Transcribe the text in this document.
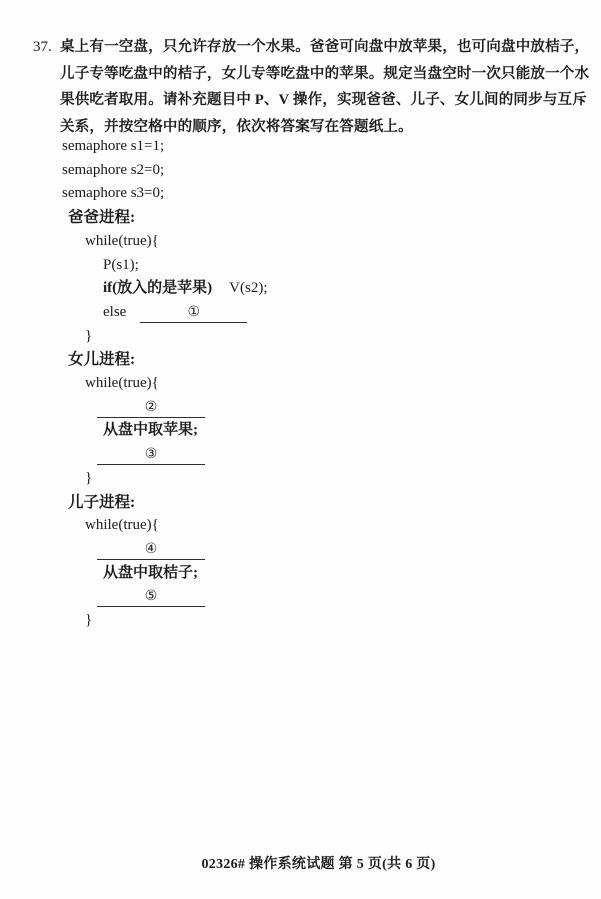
37. 桌上有一空盘，只允许存放一个水果。爸爸可向盘中放苹果，也可向盘中放桔子，
儿子专等吃盘中的桔子，女儿专等吃盘中的苹果。规定当盘空时一次只能放一个水
果供吃者取用。请补充题目中 P、V 操作，实现爸爸、儿子、女儿间的同步与互斥
关系，并按空格中的顺序，依次将答案写在答题纸上。
semaphore s1=1;
semaphore s2=0;
semaphore s3=0;
爸爸进程:
while(true){
P(s1);
if(放入的是苹果) V(s2);
else	①
}
女儿进程:
while(true){
②
从盘中取苹果;
③
}
儿子进程:
while(true){
④
从盘中取桔子;
⑤
}
02326# 操作系统试题 第 5 页(共 6 页)
